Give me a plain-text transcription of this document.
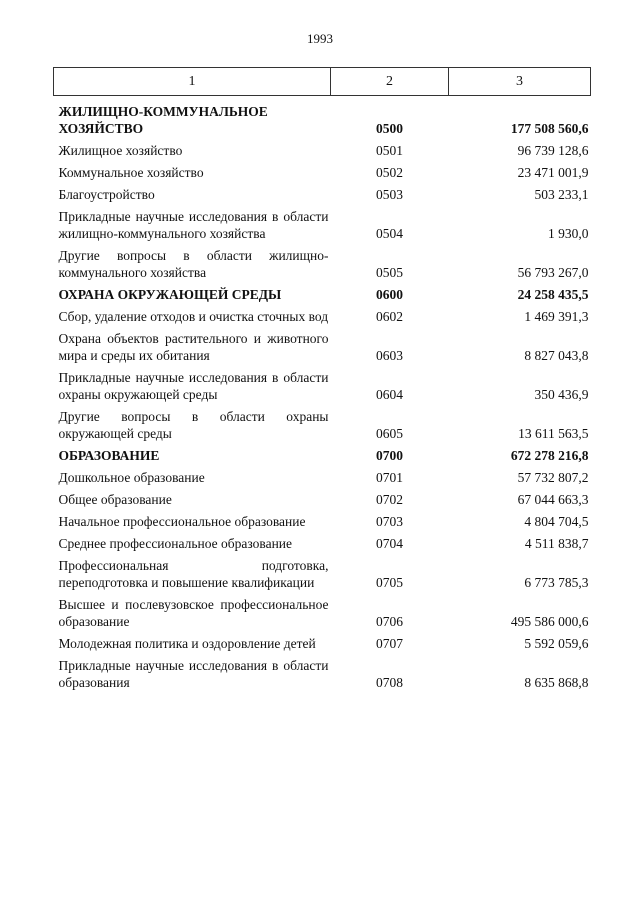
1993
1	2	3
ЖИЛИЩНО-КОММУНАЛЬНОЕ ХОЗЯЙСТВО	0500	177 508 560,6
Жилищное хозяйство	0501	96 739 128,6
Коммунальное хозяйство	0502	23 471 001,9
Благоустройство	0503	503 233,1
Прикладные научные исследования в области жилищно-коммунального хозяйства	0504	1 930,0
Другие вопросы в области жилищно-коммунального хозяйства	0505	56 793 267,0
ОХРАНА ОКРУЖАЮЩЕЙ СРЕДЫ	0600	24 258 435,5
Сбор, удаление отходов и очистка сточных вод	0602	1 469 391,3
Охрана объектов растительного и животного мира и среды их обитания	0603	8 827 043,8
Прикладные научные исследования в области охраны окружающей среды	0604	350 436,9
Другие вопросы в области охраны окружающей среды	0605	13 611 563,5
ОБРАЗОВАНИЕ	0700	672 278 216,8
Дошкольное образование	0701	57 732 807,2
Общее образование	0702	67 044 663,3
Начальное профессиональное образование	0703	4 804 704,5
Среднее профессиональное образование	0704	4 511 838,7
Профессиональная подготовка, переподготовка и повышение квалификации	0705	6 773 785,3
Высшее и послевузовское профессиональное образование	0706	495 586 000,6
Молодежная политика и оздоровление детей	0707	5 592 059,6
Прикладные научные исследования в области образования	0708	8 635 868,8
